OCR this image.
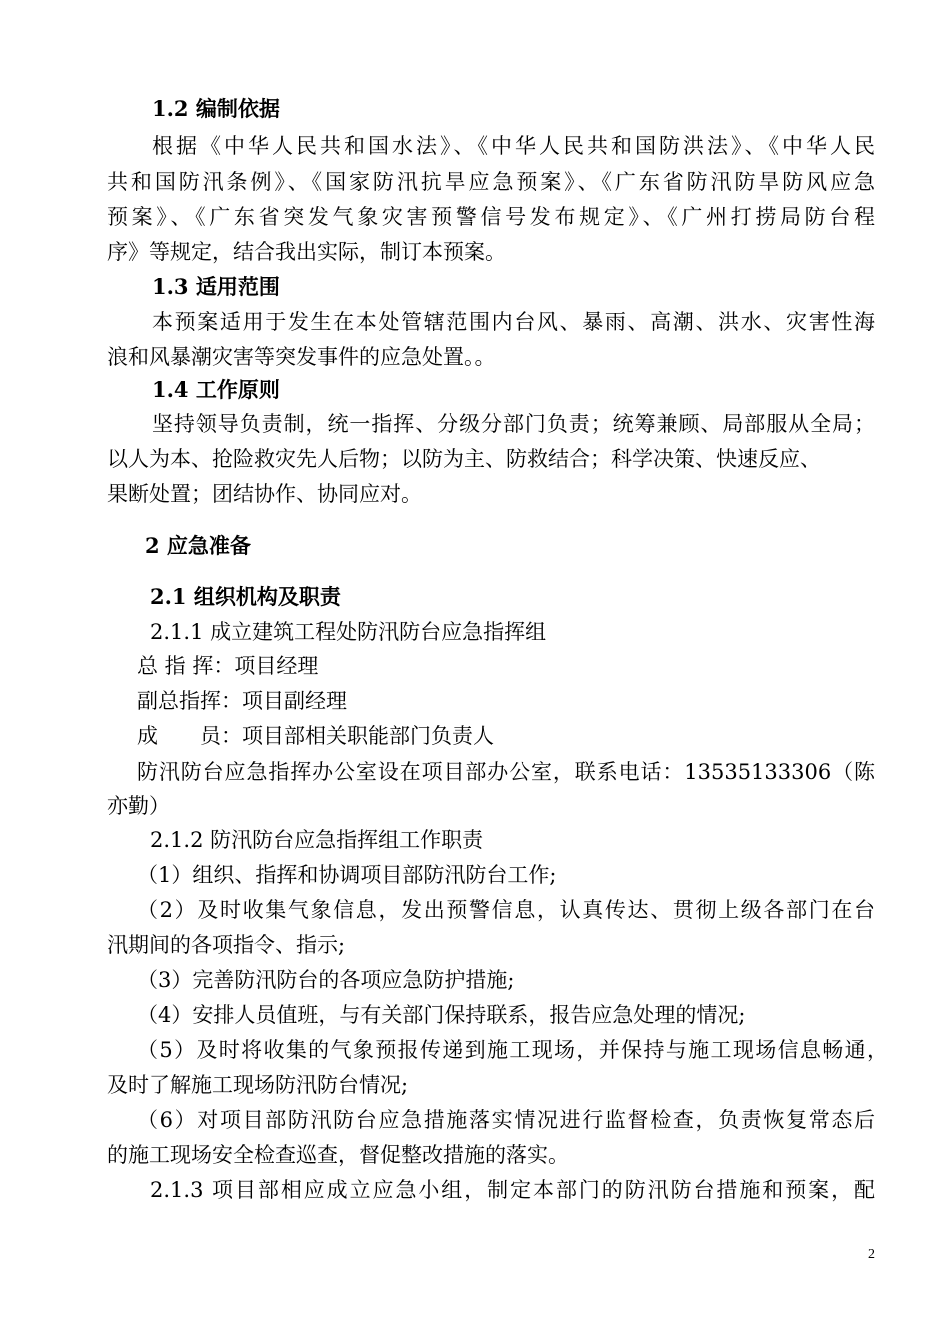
1.2 编制依据
根据《中华人民共和国水法》、《中华人民共和国防洪法》、《中华人民
共和国防汛条例》、《国家防汛抗旱应急预案》、《广东省防汛防旱防风应急
预案》、《广东省突发气象灾害预警信号发布规定》、《广州打捞局防台程
序》等规定，结合我出实际，制订本预案。
1.3 适用范围
本预案适用于发生在本处管辖范围内台风、暴雨、高潮、洪水、灾害性海
浪和风暴潮灾害等突发事件的应急处置。。
1.4 工作原则
坚持领导负责制，统一指挥、分级分部门负责；统筹兼顾、局部服从全局；
以人为本、抢险救灾先人后物；以防为主、防救结合；科学决策、快速反应、
果断处置；团结协作、协同应对。
2 应急准备
2.1 组织机构及职责
2.1.1 成立建筑工程处防汛防台应急指挥组
总 指 挥：项目经理
副总指挥：项目副经理
成　　员：项目部相关职能部门负责人
防汛防台应急指挥办公室设在项目部办公室，联系电话：13535133306（陈
亦勤）
2.1.2 防汛防台应急指挥组工作职责
（1）组织、指挥和协调项目部防汛防台工作;
（2）及时收集气象信息，发出预警信息，认真传达、贯彻上级各部门在台
汛期间的各项指令、指示;
（3）完善防汛防台的各项应急防护措施;
（4）安排人员值班，与有关部门保持联系，报告应急处理的情况;
（5）及时将收集的气象预报传递到施工现场，并保持与施工现场信息畅通，
及时了解施工现场防汛防台情况;
（6）对项目部防汛防台应急措施落实情况进行监督检查，负责恢复常态后
的施工现场安全检查巡查，督促整改措施的落实。
2.1.3 项目部相应成立应急小组，制定本部门的防汛防台措施和预案，配
2
